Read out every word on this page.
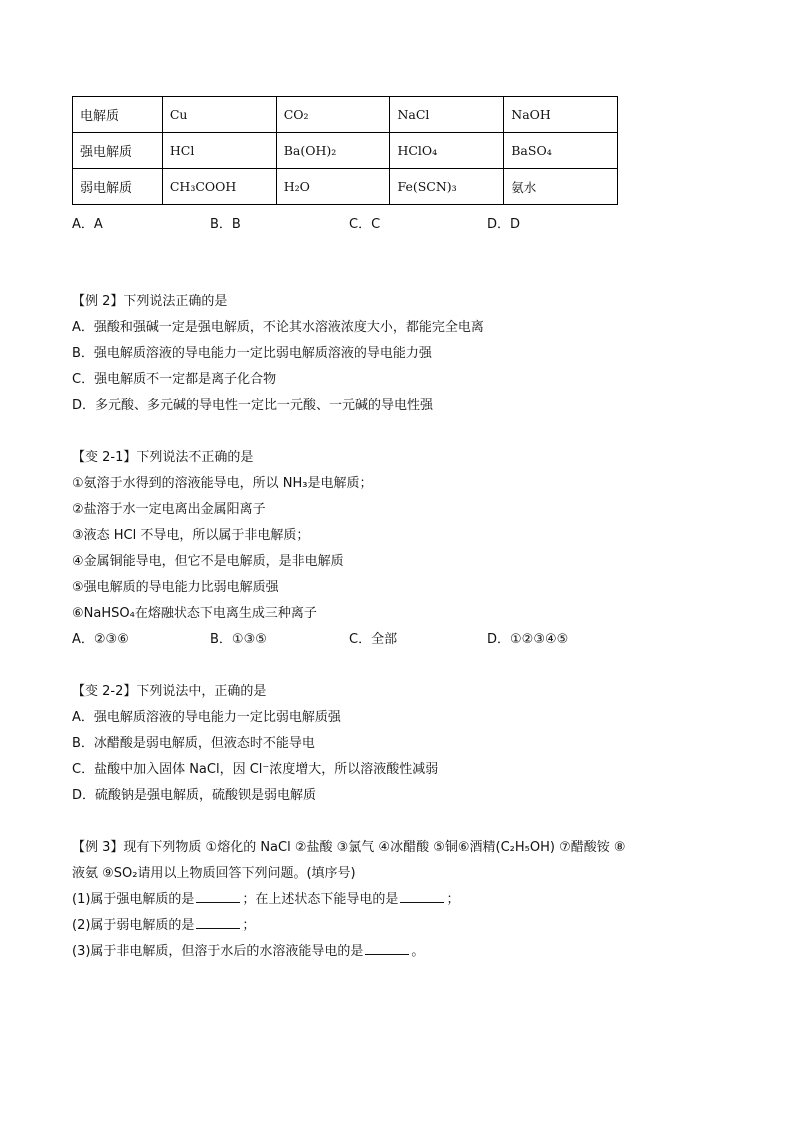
电解质	Cu	CO₂	NaCl	NaOH
强电解质	HCl	Ba(OH)₂	HClO₄	BaSO₄
弱电解质	CH₃COOH	H₂O	Fe(SCN)₃	氨水
A．A	B．B	C．C	D．D
【例 2】下列说法正确的是
A．强酸和强碱一定是强电解质，不论其水溶液浓度大小，都能完全电离
B．强电解质溶液的导电能力一定比弱电解质溶液的导电能力强
C．强电解质不一定都是离子化合物
D．多元酸、多元碱的导电性一定比一元酸、一元碱的导电性强
【变 2-1】下列说法不正确的是
①氨溶于水得到的溶液能导电，所以 NH₃是电解质；
②盐溶于水一定电离出金属阳离子
③液态 HCl 不导电，所以属于非电解质；
④金属铜能导电，但它不是电解质，是非电解质
⑤强电解质的导电能力比弱电解质强
⑥NaHSO₄在熔融状态下电离生成三种离子
A．②③⑥	B．①③⑤	C．全部	D．①②③④⑤
【变 2-2】下列说法中，正确的是
A．强电解质溶液的导电能力一定比弱电解质强
B．冰醋酸是弱电解质，但液态时不能导电
C．盐酸中加入固体 NaCl，因 Cl⁻浓度增大，所以溶液酸性减弱
D．硫酸钠是强电解质，硫酸钡是弱电解质
【例 3】现有下列物质 ①熔化的 NaCl ②盐酸 ③氯气 ④冰醋酸 ⑤铜⑥酒精(C₂H₅OH) ⑦醋酸铵 ⑧
液氨 ⑨SO₂请用以上物质回答下列问题。(填序号)
(1)属于强电解质的是	；在上述状态下能导电的是	；
(2)属于弱电解质的是	；
(3)属于非电解质，但溶于水后的水溶液能导电的是	。
